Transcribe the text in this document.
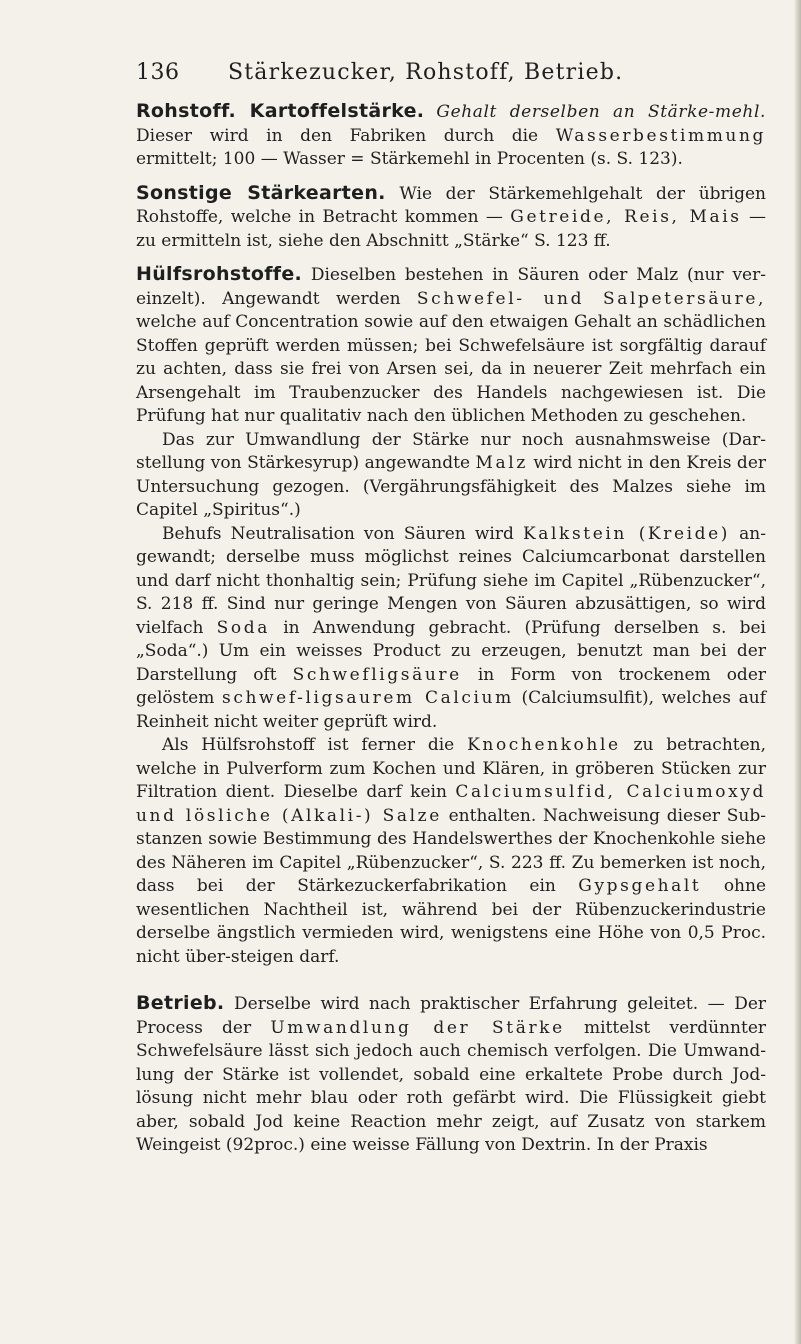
136 Stärkezucker, Rohstoff, Betrieb.

Rohstoff. Kartoffelstärke. Gehalt derselben an Stärke-mehl. Dieser wird in den Fabriken durch die Wasserbestimmung ermittelt; 100 — Wasser = Stärkemehl in Procenten (s. S. 123).

Sonstige Stärkearten. Wie der Stärkemehlgehalt der übrigen Rohstoffe, welche in Betracht kommen — Getreide, Reis, Mais — zu ermitteln ist, siehe den Abschnitt „Stärke“ S. 123 ff.

Hülfsrohstoffe. Dieselben bestehen in Säuren oder Malz (nur ver-einzelt). Angewandt werden Schwefel- und Salpetersäure, welche auf Concentration sowie auf den etwaigen Gehalt an schädlichen Stoffen geprüft werden müssen; bei Schwefelsäure ist sorgfältig darauf zu achten, dass sie frei von Arsen sei, da in neuerer Zeit mehrfach ein Arsengehalt im Traubenzucker des Handels nachgewiesen ist. Die Prüfung hat nur qualitativ nach den üblichen Methoden zu geschehen.

Das zur Umwandlung der Stärke nur noch ausnahmsweise (Dar-stellung von Stärkesyrup) angewandte Malz wird nicht in den Kreis der Untersuchung gezogen. (Vergährungsfähigkeit des Malzes siehe im Capitel „Spiritus“.)

Behufs Neutralisation von Säuren wird Kalkstein (Kreide) an-gewandt; derselbe muss möglichst reines Calciumcarbonat darstellen und darf nicht thonhaltig sein; Prüfung siehe im Capitel „Rübenzucker“, S. 218 ff. Sind nur geringe Mengen von Säuren abzusättigen, so wird vielfach Soda in Anwendung gebracht. (Prüfung derselben s. bei „Soda“.) Um ein weisses Product zu erzeugen, benutzt man bei der Darstellung oft Schwefligsäure in Form von trockenem oder gelöstem schwef-ligsaurem Calcium (Calciumsulfit), welches auf Reinheit nicht weiter geprüft wird.

Als Hülfsrohstoff ist ferner die Knochenkohle zu betrachten, welche in Pulverform zum Kochen und Klären, in gröberen Stücken zur Filtration dient. Dieselbe darf kein Calciumsulfid, Calciumoxyd und lösliche (Alkali-) Salze enthalten. Nachweisung dieser Sub-stanzen sowie Bestimmung des Handelswerthes der Knochenkohle siehe des Näheren im Capitel „Rübenzucker“, S. 223 ff. Zu bemerken ist noch, dass bei der Stärkezuckerfabrikation ein Gypsgehalt ohne wesentlichen Nachtheil ist, während bei der Rübenzuckerindustrie derselbe ängstlich vermieden wird, wenigstens eine Höhe von 0,5 Proc. nicht über-steigen darf.

Betrieb. Derselbe wird nach praktischer Erfahrung geleitet. — Der Process der Umwandlung der Stärke mittelst verdünnter Schwefelsäure lässt sich jedoch auch chemisch verfolgen. Die Umwand-lung der Stärke ist vollendet, sobald eine erkaltete Probe durch Jod-lösung nicht mehr blau oder roth gefärbt wird. Die Flüssigkeit giebt aber, sobald Jod keine Reaction mehr zeigt, auf Zusatz von starkem Weingeist (92proc.) eine weisse Fällung von Dextrin. In der Praxis
